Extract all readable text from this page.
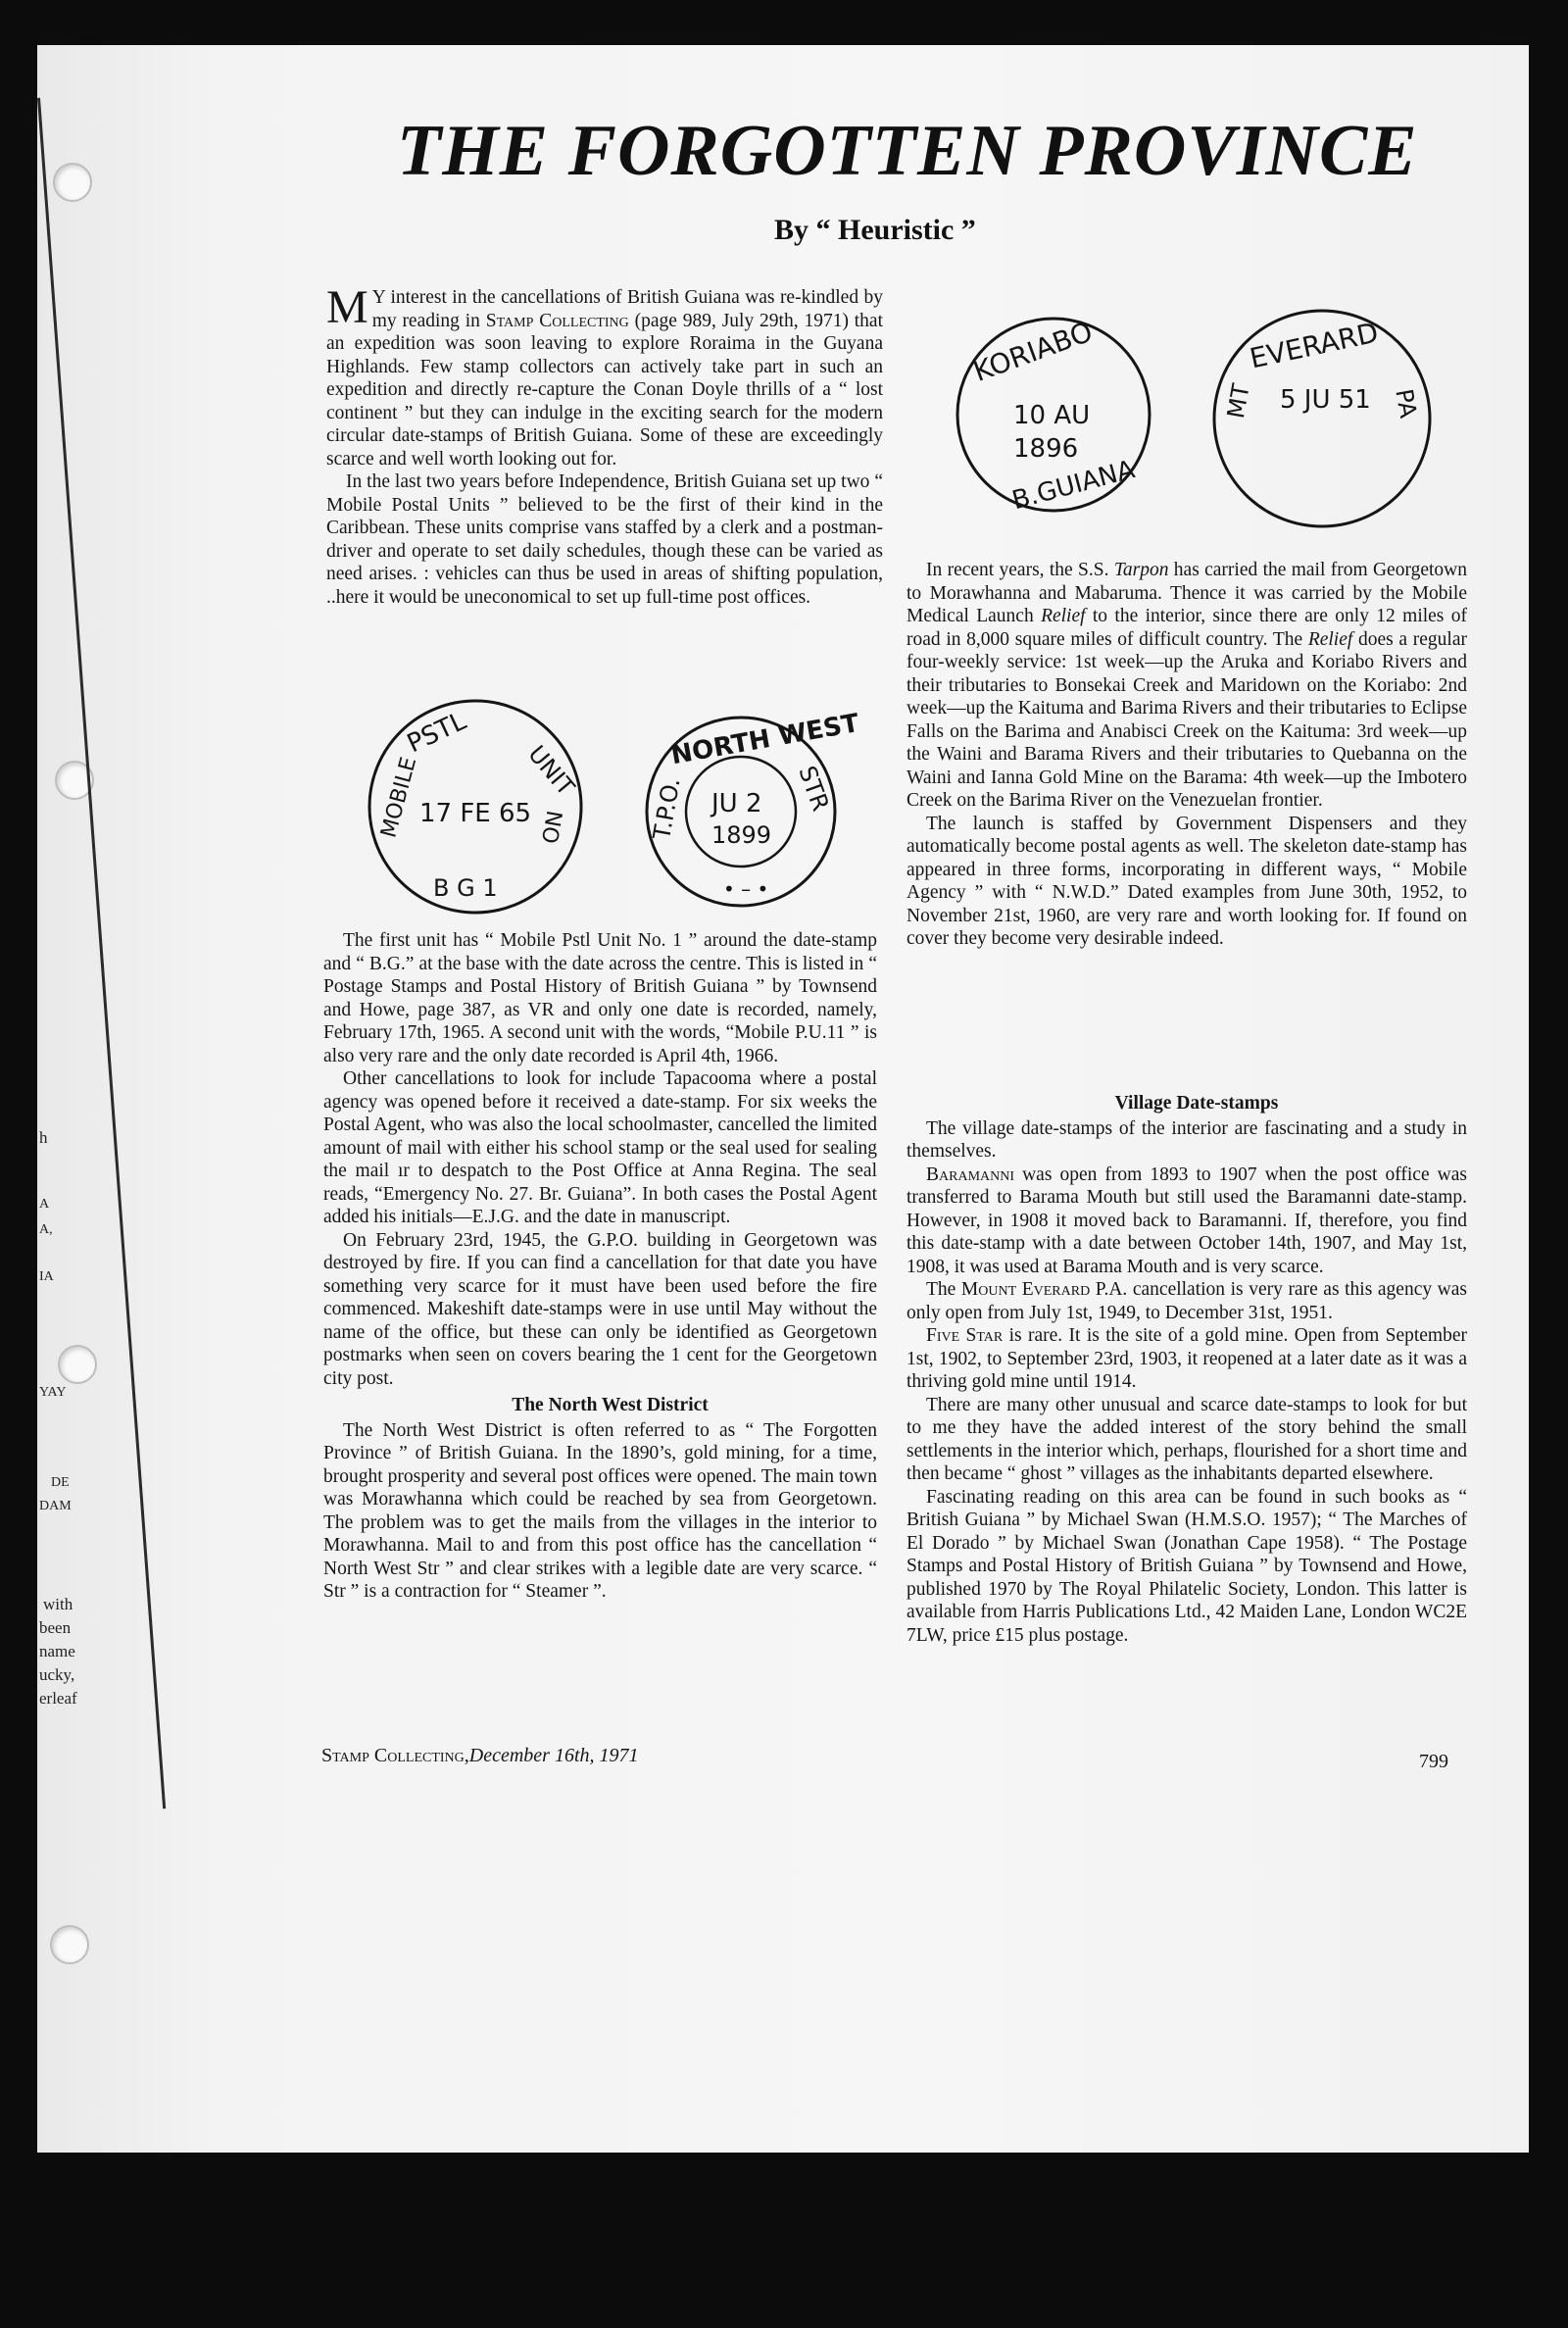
h
A
A,
IA
YAY
DE
DAM
with
been
name
ucky,
erleaf
THE FORGOTTEN PROVINCE
By “ Heuristic ”

M Y interest in the cancellations of British Guiana was re-kindled by my reading in Stamp Collecting (page 989, July 29th, 1971) that an expedition was soon leaving to explore Roraima in the Guyana Highlands. Few stamp collectors can actively take part in such an expedition and directly re-capture the Conan Doyle thrills of a “ lost continent ” but they can indulge in the exciting search for the modern circular date-stamps of British Guiana. Some of these are exceedingly scarce and well worth looking out for.

In the last two years before Independence, British Guiana set up two “ Mobile Postal Units ” believed to be the first of their kind in the Caribbean. These units comprise vans staffed by a clerk and a postman-driver and operate to set daily schedules, though these can be varied as need arises. : vehicles can thus be used in areas of shifting population, ..here it would be uneconomical to set up full-time post offices.

PSTL
MOBILE	UNIT
NO
B G 1
17 FE 65
NORTH WEST
T.P.O.	STR
JU 2
1899
• – •

The first unit has “ Mobile Pstl Unit No. 1 ” around the date-stamp and “ B.G.” at the base with the date across the centre. This is listed in “ Postage Stamps and Postal History of British Guiana ” by Townsend and Howe, page 387, as VR and only one date is recorded, namely, February 17th, 1965. A second unit with the words, “Mobile P.U.11 ” is also very rare and the only date recorded is April 4th, 1966.

Other cancellations to look for include Tapacooma where a postal agency was opened before it received a date-stamp. For six weeks the Postal Agent, who was also the local schoolmaster, cancelled the limited amount of mail with either his school stamp or the seal used for sealing the mail ır to despatch to the Post Office at Anna Regina. The seal reads, “Emergency No. 27. Br. Guiana”. In both cases the Postal Agent added his initials—E.J.G. and the date in manuscript.

On February 23rd, 1945, the G.P.O. building in Georgetown was destroyed by fire. If you can find a cancellation for that date you have something very scarce for it must have been used before the fire commenced. Makeshift date-stamps were in use until May without the name of the office, but these can only be identified as Georgetown postmarks when seen on covers bearing the 1 cent for the Georgetown city post.

The North West District

The North West District is often referred to as “ The Forgotten Province ” of British Guiana. In the 1890’s, gold mining, for a time, brought prosperity and several post offices were opened. The main town was Morawhanna which could be reached by sea from Georgetown. The problem was to get the mails from the villages in the interior to Morawhanna. Mail to and from this post office has the cancellation “ North West Str ” and clear strikes with a legible date are very scarce. “ Str ” is a contraction for “ Steamer ”.

KORIABO
B.GUIANA
10 AU
1896
EVERARD
MT	PA
5 JU 51

In recent years, the S.S. Tarpon has carried the mail from Georgetown to Morawhanna and Mabaruma. Thence it was carried by the Mobile Medical Launch Relief to the interior, since there are only 12 miles of road in 8,000 square miles of difficult country. The Relief does a regular four-weekly service: 1st week—up the Aruka and Koriabo Rivers and their tributaries to Bonsekai Creek and Maridown on the Koriabo: 2nd week—up the Kaituma and Barima Rivers and their tributaries to Eclipse Falls on the Barima and Anabisci Creek on the Kaituma: 3rd week—up the Waini and Barama Rivers and their tributaries to Quebanna on the Waini and Ianna Gold Mine on the Barama: 4th week—up the Imbotero Creek on the Barima River on the Venezuelan frontier.

The launch is staffed by Government Dispensers and they automatically become postal agents as well. The skeleton date-stamp has appeared in three forms, incorporating in different ways, “ Mobile Agency ” with “ N.W.D.” Dated examples from June 30th, 1952, to November 21st, 1960, are very rare and worth looking for. If found on cover they become very desirable indeed.

Village Date-stamps

The village date-stamps of the interior are fascinating and a study in themselves.

Baramanni was open from 1893 to 1907 when the post office was transferred to Barama Mouth but still used the Baramanni date-stamp. However, in 1908 it moved back to Baramanni. If, therefore, you find this date-stamp with a date between October 14th, 1907, and May 1st, 1908, it was used at Barama Mouth and is very scarce.

The Mount Everard P.A. cancellation is very rare as this agency was only open from July 1st, 1949, to December 31st, 1951.

Five Star is rare. It is the site of a gold mine. Open from September 1st, 1902, to September 23rd, 1903, it reopened at a later date as it was a thriving gold mine until 1914.

There are many other unusual and scarce date-stamps to look for but to me they have the added interest of the story behind the small settlements in the interior which, perhaps, flourished for a short time and then became “ ghost ” villages as the inhabitants departed elsewhere.

Fascinating reading on this area can be found in such books as “ British Guiana ” by Michael Swan (H.M.S.O. 1957); “ The Marches of El Dorado ” by Michael Swan (Jonathan Cape 1958). “ The Postage Stamps and Postal History of British Guiana ” by Townsend and Howe, published 1970 by The Royal Philatelic Society, London. This latter is available from Harris Publications Ltd., 42 Maiden Lane, London WC2E 7LW, price £15 plus postage.

Stamp Collecting,December 16th, 1971	799
